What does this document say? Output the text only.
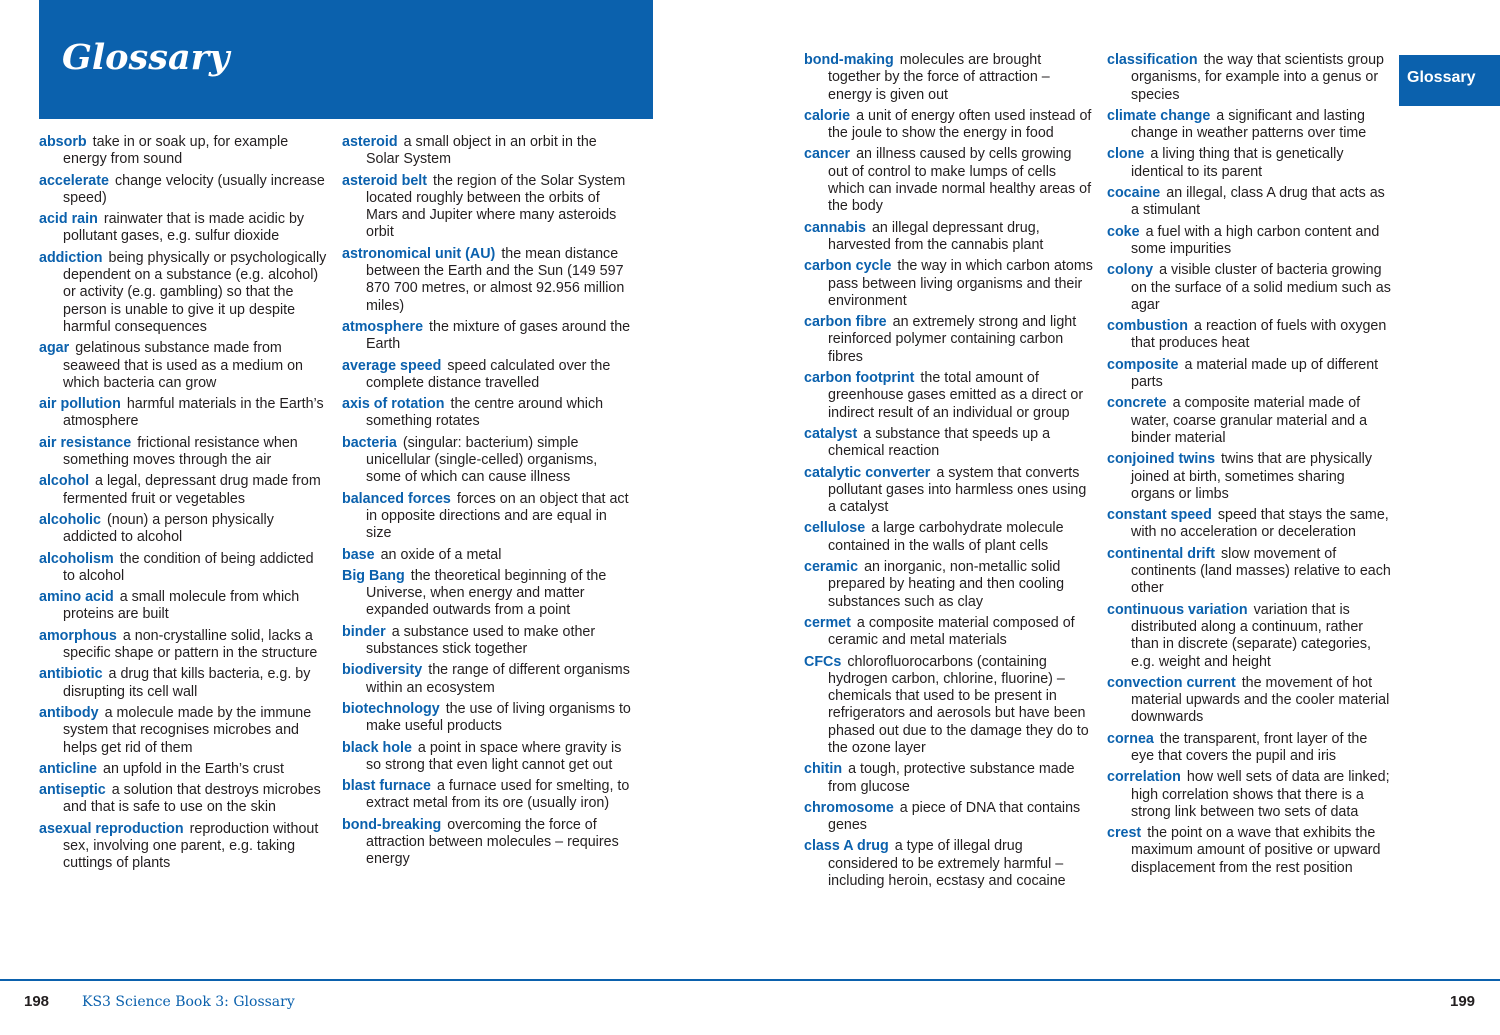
Glossary	Glossary
absorb take in or soak up, for example energy from sound
accelerate change velocity (usually increase speed)
acid rain rainwater that is made acidic by pollutant gases, e.g. sulfur dioxide
addiction being physically or psychologically dependent on a substance (e.g. alcohol) or activity (e.g. gambling) so that the person is unable to give it up despite harmful consequences
agar gelatinous substance made from seaweed that is used as a medium on which bacteria can grow
air pollution harmful materials in the Earth’s atmosphere
air resistance frictional resistance when something moves through the air
alcohol a legal, depressant drug made from fermented fruit or vegetables
alcoholic (noun) a person physically addicted to alcohol
alcoholism the condition of being addicted to alcohol
amino acid a small molecule from which proteins are built
amorphous a non-crystalline solid, lacks a specific shape or pattern in the structure
antibiotic a drug that kills bacteria, e.g. by disrupting its cell wall
antibody a molecule made by the immune system that recognises microbes and helps get rid of them
anticline an upfold in the Earth’s crust
antiseptic a solution that destroys microbes and that is safe to use on the skin
asexual reproduction reproduction without sex, involving one parent, e.g. taking cuttings of plants
asteroid a small object in an orbit in the Solar System
asteroid belt the region of the Solar System located roughly between the orbits of Mars and Jupiter where many asteroids orbit
astronomical unit (AU) the mean distance between the Earth and the Sun (149 597 870 700 metres, or almost 92.956 million miles)
atmosphere the mixture of gases around the Earth
average speed speed calculated over the complete distance travelled
axis of rotation the centre around which something rotates
bacteria (singular: bacterium) simple unicellular (single-celled) organisms, some of which can cause illness
balanced forces forces on an object that act in opposite directions and are equal in size
base an oxide of a metal
Big Bang the theoretical beginning of the Universe, when energy and matter expanded outwards from a point
binder a substance used to make other substances stick together
biodiversity the range of different organisms within an ecosystem
biotechnology the use of living organisms to make useful products
black hole a point in space where gravity is so strong that even light cannot get out
blast furnace a furnace used for smelting, to extract metal from its ore (usually iron)
bond-breaking overcoming the force of attraction between molecules – requires energy
bond-making molecules are brought together by the force of attraction – energy is given out
calorie a unit of energy often used instead of the joule to show the energy in food
cancer an illness caused by cells growing out of control to make lumps of cells which can invade normal healthy areas of the body
cannabis an illegal depressant drug, harvested from the cannabis plant
carbon cycle the way in which carbon atoms pass between living organisms and their environment
carbon fibre an extremely strong and light reinforced polymer containing carbon fibres
carbon footprint the total amount of greenhouse gases emitted as a direct or indirect result of an individual or group
catalyst a substance that speeds up a chemical reaction
catalytic converter a system that converts pollutant gases into harmless ones using a catalyst
cellulose a large carbohydrate molecule contained in the walls of plant cells
ceramic an inorganic, non-metallic solid prepared by heating and then cooling substances such as clay
cermet a composite material composed of ceramic and metal materials
CFCs chlorofluorocarbons (containing hydrogen carbon, chlorine, fluorine) – chemicals that used to be present in refrigerators and aerosols but have been phased out due to the damage they do to the ozone layer
chitin a tough, protective substance made from glucose
chromosome a piece of DNA that contains genes
class A drug a type of illegal drug considered to be extremely harmful – including heroin, ecstasy and cocaine
classification the way that scientists group organisms, for example into a genus or species
climate change a significant and lasting change in weather patterns over time
clone a living thing that is genetically identical to its parent
cocaine an illegal, class A drug that acts as a stimulant
coke a fuel with a high carbon content and some impurities
colony a visible cluster of bacteria growing on the surface of a solid medium such as agar
combustion a reaction of fuels with oxygen that produces heat
composite a material made up of different parts
concrete a composite material made of water, coarse granular material and a binder material
conjoined twins twins that are physically joined at birth, sometimes sharing organs or limbs
constant speed speed that stays the same, with no acceleration or deceleration
continental drift slow movement of continents (land masses) relative to each other
continuous variation variation that is distributed along a continuum, rather than in discrete (separate) categories, e.g. weight and height
convection current the movement of hot material upwards and the cooler material downwards
cornea the transparent, front layer of the eye that covers the pupil and iris
correlation how well sets of data are linked; high correlation shows that there is a strong link between two sets of data
crest the point on a wave that exhibits the maximum amount of positive or upward displacement from the rest position
198 KS3 Science Book 3: Glossary	199
